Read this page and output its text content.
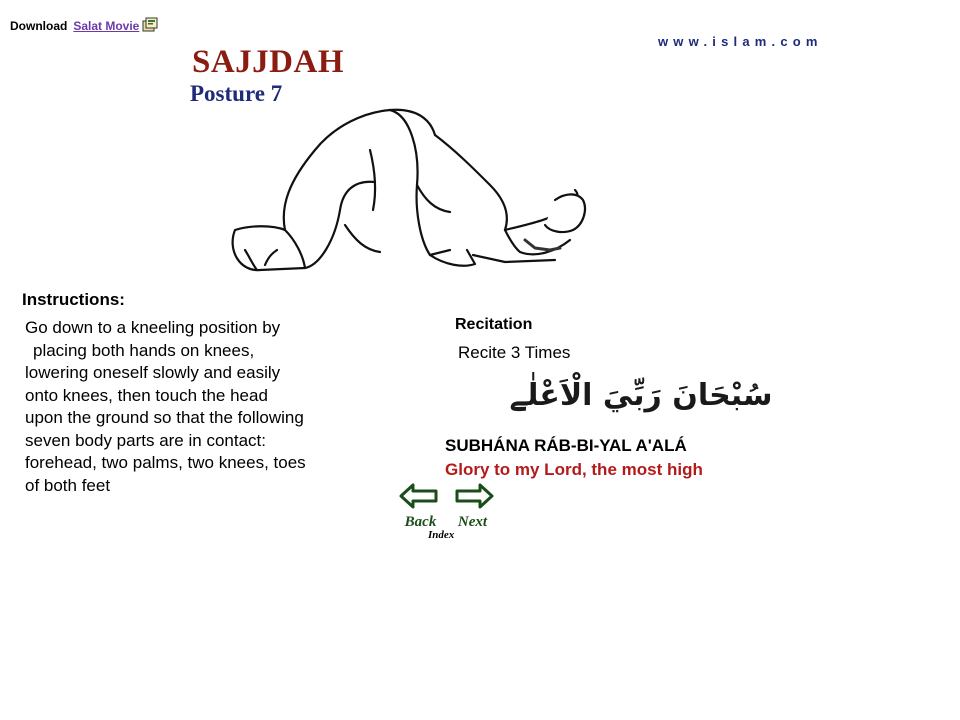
Download Salat Movie
www.islam.com
SAJJDAH
Posture 7
Instructions:
Go down to a kneeling position by
placing both hands on knees,
lowering oneself slowly and easily
onto knees, then touch the head
upon the ground so that the following
seven body parts are in contact:
forehead, two palms, two knees, toes
of both feet
Recitation
Recite 3 Times
سُبْحَانَ رَبِّيَ الْاَعْلٰے
SUBHÁNA RÁB-BI-YAL A'ALÁ
Glory to my Lord, the most high
Back	Next
Index
